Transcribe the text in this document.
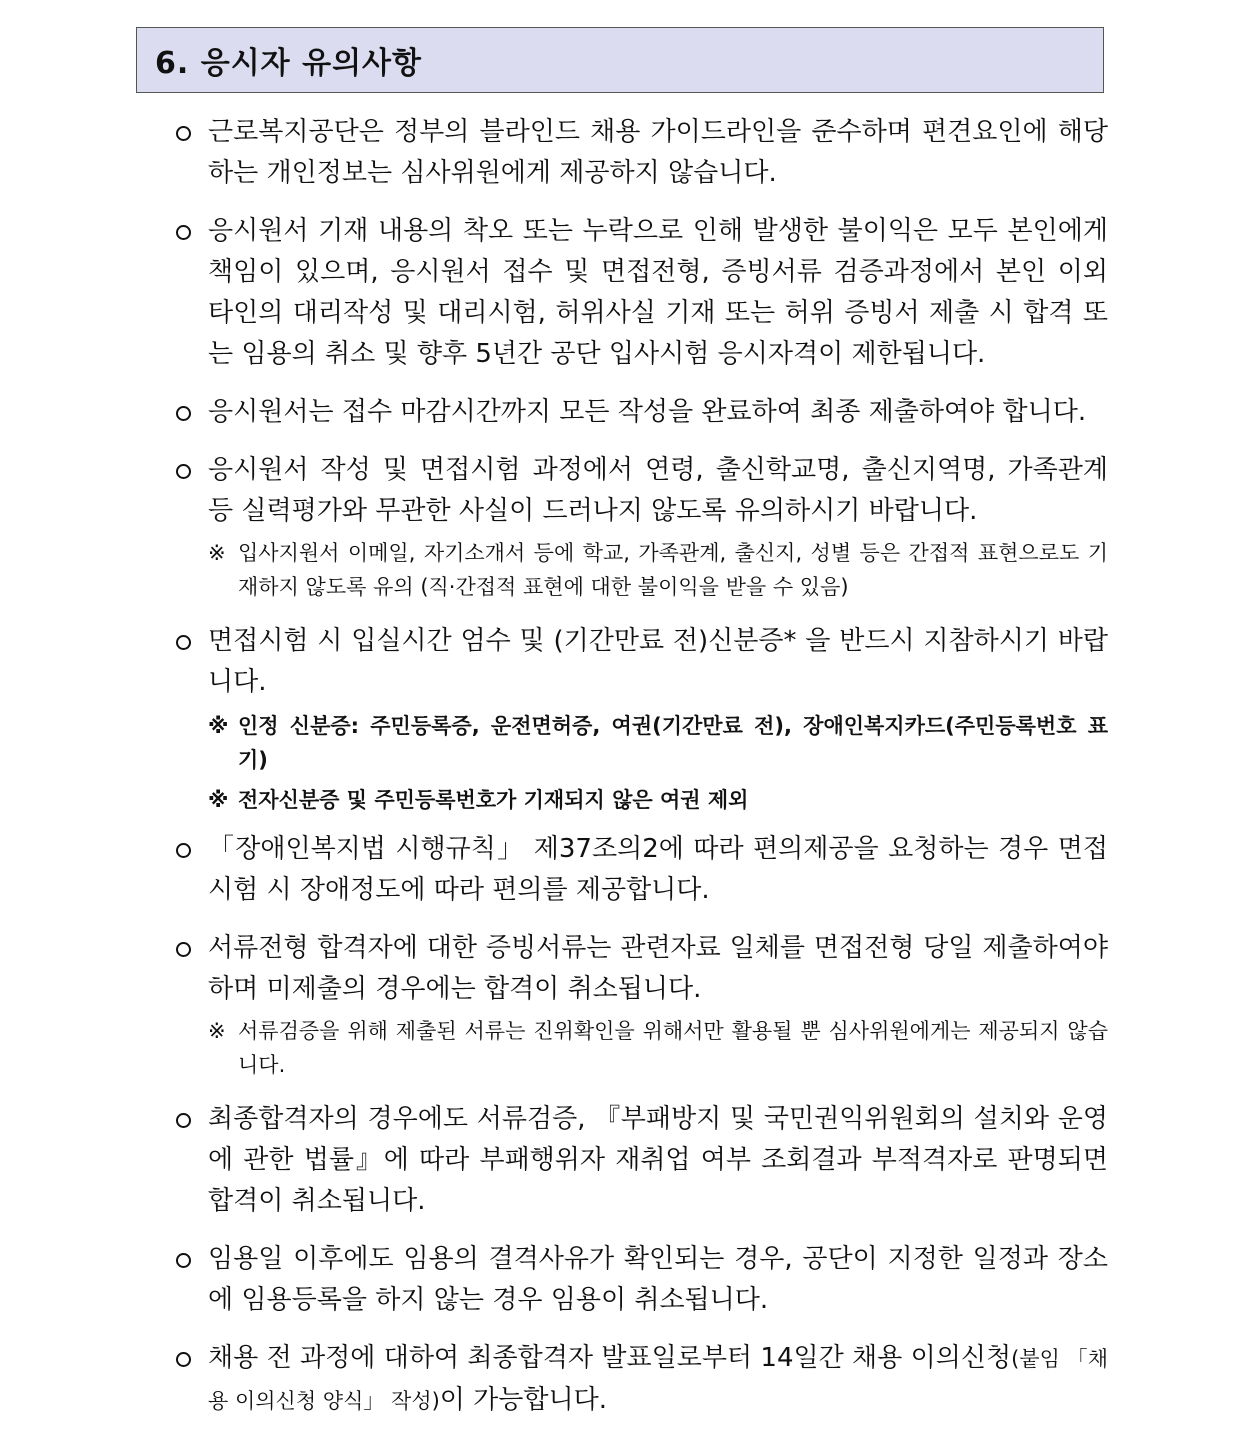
6. 응시자 유의사항
근로복지공단은 정부의 블라인드 채용 가이드라인을 준수하며 편견요인에 해당하는 개인정보는 심사위원에게 제공하지 않습니다.
응시원서 기재 내용의 착오 또는 누락으로 인해 발생한 불이익은 모두 본인에게 책임이 있으며, 응시원서 접수 및 면접전형, 증빙서류 검증과정에서 본인 이외 타인의 대리작성 및 대리시험, 허위사실 기재 또는 허위 증빙서 제출 시 합격 또는 임용의 취소 및 향후 5년간 공단 입사시험 응시자격이 제한됩니다.
응시원서는 접수 마감시간까지 모든 작성을 완료하여 최종 제출하여야 합니다.
응시원서 작성 및 면접시험 과정에서 연령, 출신학교명, 출신지역명, 가족관계 등 실력평가와 무관한 사실이 드러나지 않도록 유의하시기 바랍니다.
※ 입사지원서 이메일, 자기소개서 등에 학교, 가족관계, 출신지, 성별 등은 간접적 표현으로도 기재하지 않도록 유의 (직·간접적 표현에 대한 불이익을 받을 수 있음)
면접시험 시 입실시간 엄수 및 (기간만료 전)신분증* 을 반드시 지참하시기 바랍니다.
※ 인정 신분증: 주민등록증, 운전면허증, 여권(기간만료 전), 장애인복지카드(주민등록번호 표기)
※ 전자신분증 및 주민등록번호가 기재되지 않은 여권 제외
「장애인복지법 시행규칙」 제37조의2에 따라 편의제공을 요청하는 경우 면접시험 시 장애정도에 따라 편의를 제공합니다.
서류전형 합격자에 대한 증빙서류는 관련자료 일체를 면접전형 당일 제출하여야 하며 미제출의 경우에는 합격이 취소됩니다.
※ 서류검증을 위해 제출된 서류는 진위확인을 위해서만 활용될 뿐 심사위원에게는 제공되지 않습니다.
최종합격자의 경우에도 서류검증, 『부패방지 및 국민권익위원회의 설치와 운영에 관한 법률』에 따라 부패행위자 재취업 여부 조회결과 부적격자로 판명되면 합격이 취소됩니다.
임용일 이후에도 임용의 결격사유가 확인되는 경우, 공단이 지정한 일정과 장소에 임용등록을 하지 않는 경우 임용이 취소됩니다.
채용 전 과정에 대하여 최종합격자 발표일로부터 14일간 채용 이의신청(붙임 「채용 이의신청 양식」 작성)이 가능합니다.
